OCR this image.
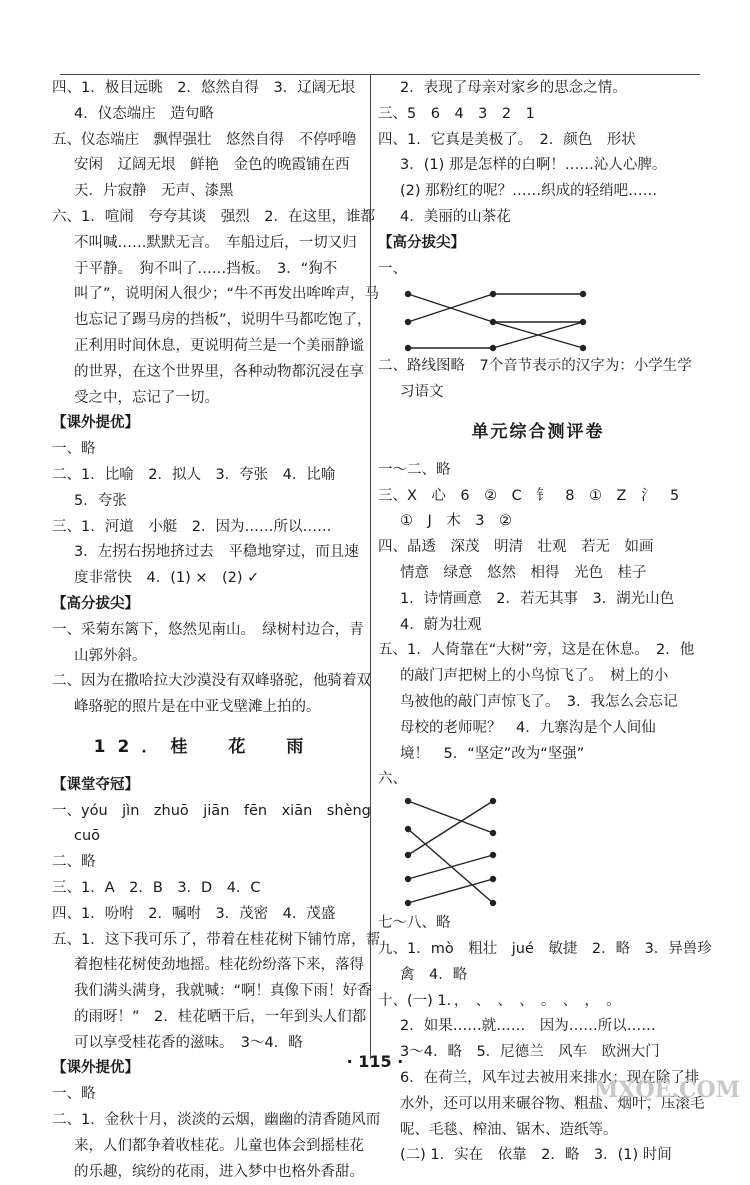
四、1．极目远眺　2．悠然自得　3．辽阔无垠
4．仪态端庄　造句略
五、仪态端庄　飘悍强壮　悠然自得　不停呼噜
安闲　辽阔无垠　鲜艳　金色的晚霞铺在西
天．片寂静　无声、漆黑
六、1．喧闹　夸夸其谈　强烈　2．在这里，谁都
不叫喊……默默无言。　车船过后，一切又归
于平静。　狗不叫了……挡板。　3．“狗不
叫了”，说明闲人很少；“牛不再发出哞哞声，马
也忘记了踢马房的挡板”，说明牛马都吃饱了，
正利用时间休息，更说明荷兰是一个美丽静谧
的世界，在这个世界里，各种动物都沉浸在享
受之中，忘记了一切。
【课外提优】
一、略
二、1．比喻　2．拟人　3．夸张　4．比喻
5．夸张
三、1．河道　小艇　2．因为……所以……
3．左拐右拐地挤过去　平稳地穿过，而且速
度非常快　4．(1) ×　(2) ✓
【高分拔尖】
一、采菊东篱下，悠然见南山。　绿树村边合，青
山郭外斜。
二、因为在撒哈拉大沙漠没有双峰骆驼，他骑着双
峰骆驼的照片是在中亚戈壁滩上拍的。
12．桂　花　雨
【课堂夺冠】
一、yóu　jìn　zhuō　jiān　fēn　xiān　shèng
cuō
二、略
三、1．A　2．B　3．D　4．C
四、1．吩咐　2．嘱咐　3．茂密　4．茂盛
五、1．这下我可乐了，带着在桂花树下铺竹席，帮
着抱桂花树使劲地摇。桂花纷纷落下来，落得
我们满头满身，我就喊：“啊！真像下雨！好香
的雨呀！”　2．桂花晒干后，一年到头人们都
可以享受桂花香的滋味。　3～4．略
【课外提优】
一、略
二、1．金秋十月，淡淡的云烟，幽幽的清香随风而
来，人们都争着收桂花。儿童也体会到摇桂花
的乐趣，缤纷的花雨，进入梦中也格外香甜。
2．表现了母亲对家乡的思念之情。
三、5　6　4　3　2　1
四、1．它真是美极了。　2．颜色　形状
3．(1) 那是怎样的白啊！……沁人心脾。
(2) 那粉红的呢？……织成的轻绡吧……
4．美丽的山茶花
【高分拔尖】
一、
二、路线图略　7个音节表示的汉字为：小学生学
习语文
单元综合测评卷
一～二、略
三、X　心　6　②　C　钅　8　①　Z　氵　5
①　J　木　3　②
四、晶透　深茂　明清　壮观　若无　如画
情意　绿意　悠然　相得　光色　桂子
1．诗情画意　2．若无其事　3．湖光山色
4．蔚为壮观
五、1．人倚靠在“大树”旁，这是在休息。　2．他
的敲门声把树上的小鸟惊飞了。　树上的小
鸟被他的敲门声惊飞了。　3．我怎么会忘记
母校的老师呢？　4．九寨沟是个人间仙
境！　5．“坚定”改为“坚强”
六、
七～八、略
九、1．mò　粗壮　jué　敏捷　2．略　3．异兽珍
禽　4．略
十、(一) 1．，　、　、　、　。　、　，　。
2．如果……就……　因为……所以……
3～4．略　5．尼德兰　风车　欧洲大门
6．在荷兰，风车过去被用来排水；现在除了排
水外，还可以用来碾谷物、粗盐、烟叶，压滚毛
呢、毛毯、榨油、锯木、造纸等。
(二) 1．实在　依靠　2．略　3．(1) 时间
· 115 ·
MXQE.COM
